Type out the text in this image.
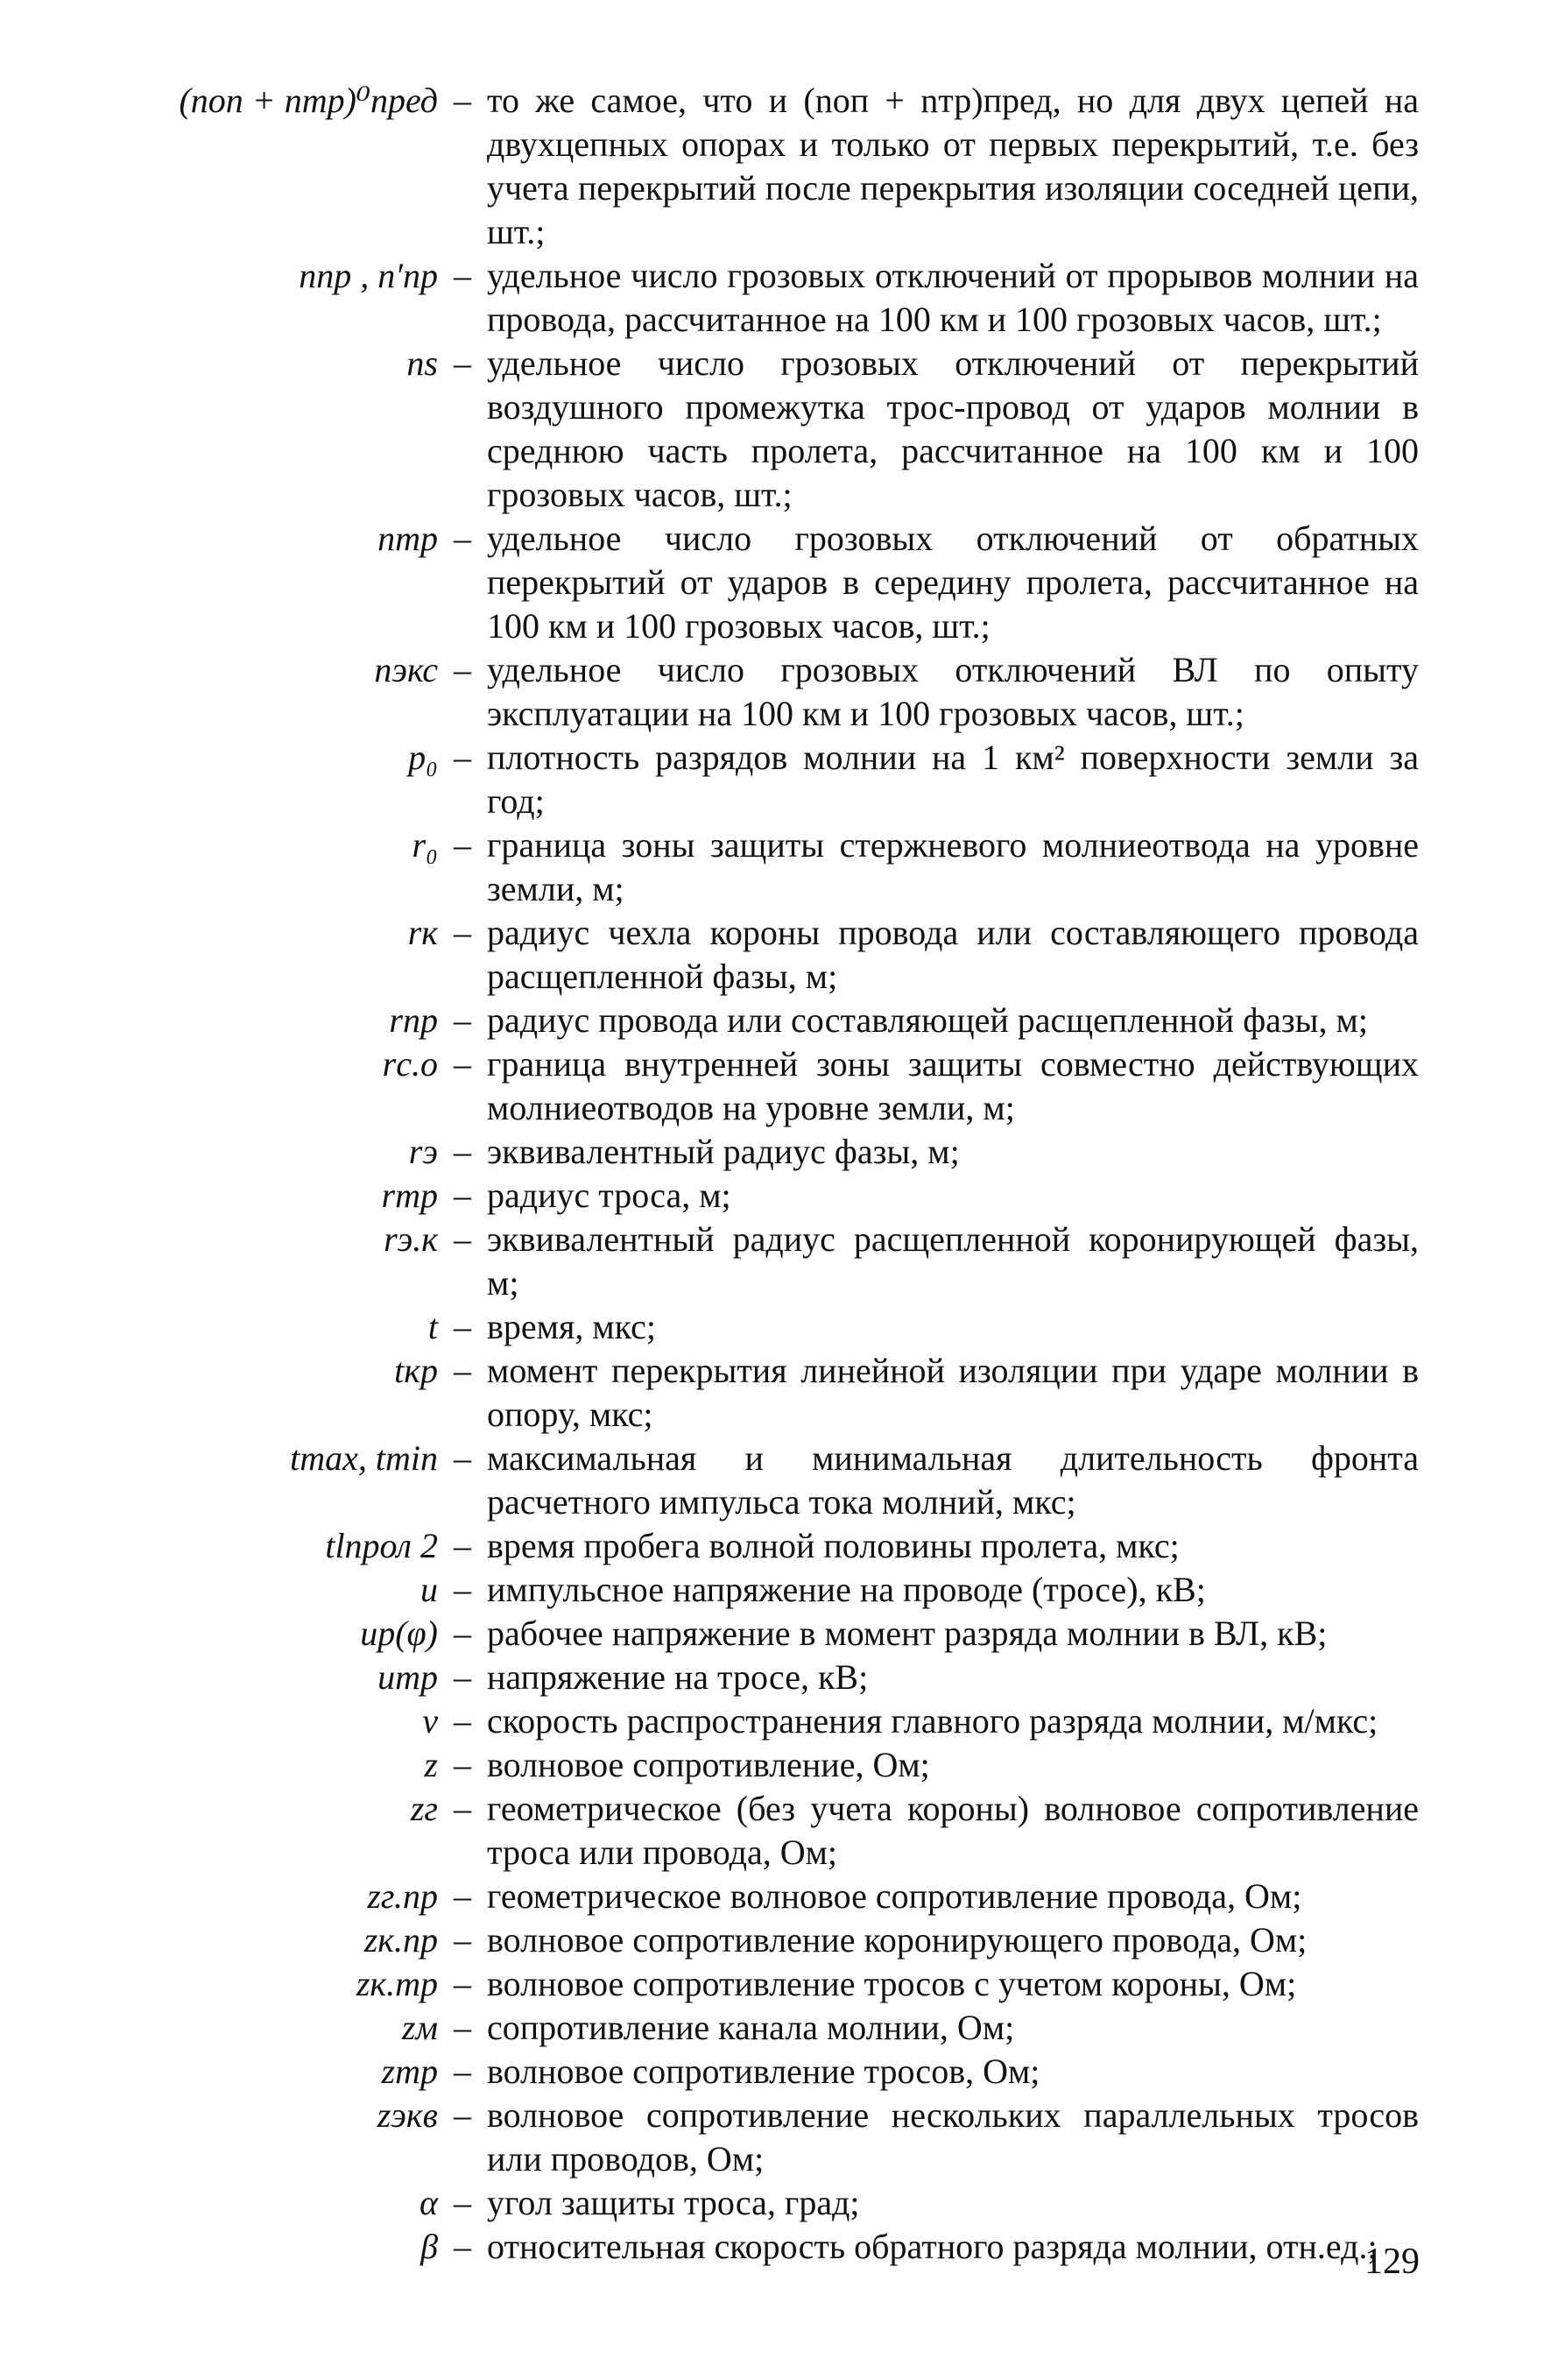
(nоп + nтр)⁰пред – то же самое, что и (nоп + nтр)пред, но для двух цепей на двухцепных опорах и только от первых перекрытий, т.е. без учета перекрытий после перекрытия изоляции соседней цепи, шт.;
nпр , n′пр – удельное число грозовых отключений от прорывов молнии на провода, рассчитанное на 100 км и 100 грозовых часов, шт.;
ns – удельное число грозовых отключений от перекрытий воздушного промежутка трос-провод от ударов молнии в среднюю часть пролета, рассчитанное на 100 км и 100 грозовых часов, шт.;
nтр – удельное число грозовых отключений от обратных перекрытий от ударов в середину пролета, рассчитанное на 100 км и 100 грозовых часов, шт.;
nэкс – удельное число грозовых отключений ВЛ по опыту эксплуатации на 100 км и 100 грозовых часов, шт.;
p₀ – плотность разрядов молнии на 1 км² поверхности земли за год;
r₀ – граница зоны защиты стержневого молниеотвода на уровне земли, м;
rк – радиус чехла короны провода или составляющего провода расщепленной фазы, м;
rпр – радиус провода или составляющей расщепленной фазы, м;
rс.о – граница внутренней зоны защиты совместно действующих молниеотводов на уровне земли, м;
rэ – эквивалентный радиус фазы, м;
rтр – радиус троса, м;
rэ.к – эквивалентный радиус расщепленной коронирующей фазы, м;
t – время, мкс;
tкр – момент перекрытия линейной изоляции при ударе молнии в опору, мкс;
tmax, tmin – максимальная и минимальная длительность фронта расчетного импульса тока молний, мкс;
tlпрол 2 – время пробега волной половины пролета, мкс;
u – импульсное напряжение на проводе (тросе), кВ;
uр(φ) – рабочее напряжение в момент разряда молнии в ВЛ, кВ;
uтр – напряжение на тросе, кВ;
v – скорость распространения главного разряда молнии, м/мкс;
z – волновое сопротивление, Ом;
zг – геометрическое (без учета короны) волновое сопротивление троса или провода, Ом;
zг.пр – геометрическое волновое сопротивление провода, Ом;
zк.пр – волновое сопротивление коронирующего провода, Ом;
zк.тр – волновое сопротивление тросов с учетом короны, Ом;
zм – сопротивление канала молнии, Ом;
zтр – волновое сопротивление тросов, Ом;
zэкв – волновое сопротивление нескольких параллельных тросов или проводов, Ом;
α – угол защиты троса, град;
β – относительная скорость обратного разряда молнии, отн.ед.;
129
